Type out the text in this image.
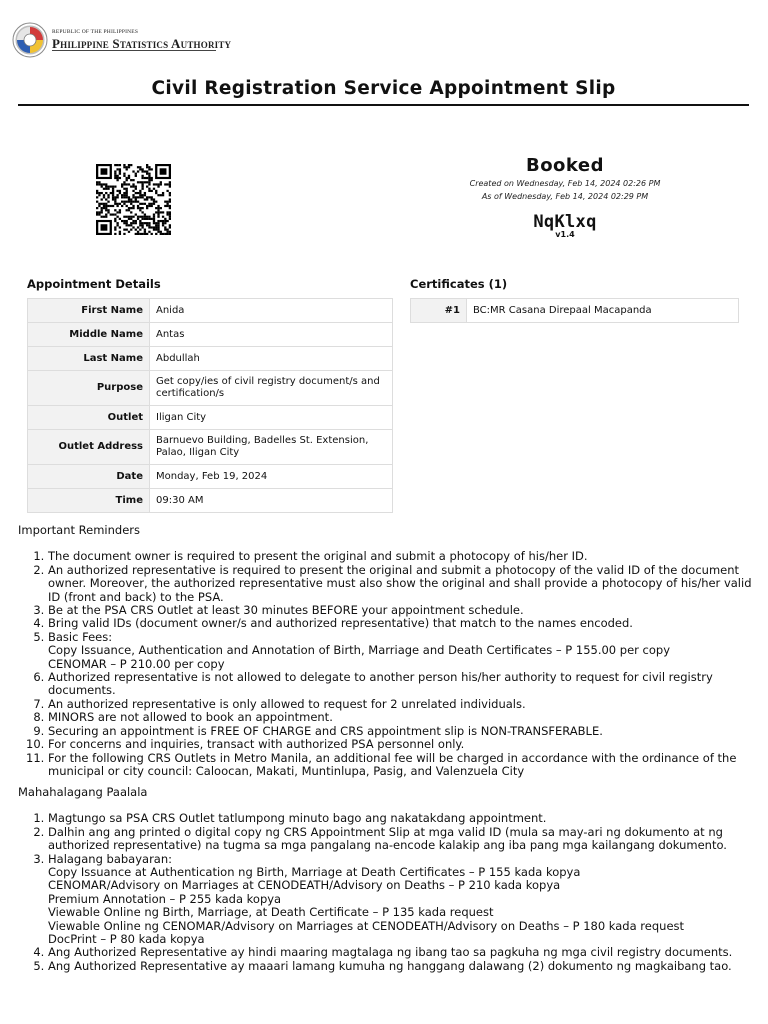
REPUBLIC OF THE PHILIPPINES
Philippine Statistics Authority
Civil Registration Service Appointment Slip
Booked
Created on Wednesday, Feb 14, 2024 02:26 PM
As of Wednesday, Feb 14, 2024 02:29 PM
NqKlxq
v1.4
Appointment Details
First Name	Anida
Middle Name	Antas
Last Name	Abdullah
Purpose	Get copy/ies of civil registry document/s and certification/s
Outlet	Iligan City
Outlet Address	Barnuevo Building, Badelles St. Extension, Palao, Iligan City
Date	Monday, Feb 19, 2024
Time	09:30 AM
Certificates (1)
#1	BC:MR Casana Direpaal Macapanda
Important Reminders
1. The document owner is required to present the original and submit a photocopy of his/her ID.
2. An authorized representative is required to present the original and submit a photocopy of the valid ID of the document owner. Moreover, the authorized representative must also show the original and shall provide a photocopy of his/her valid ID (front and back) to the PSA.
3. Be at the PSA CRS Outlet at least 30 minutes BEFORE your appointment schedule.
4. Bring valid IDs (document owner/s and authorized representative) that match to the names encoded.
5. Basic Fees:
Copy Issuance, Authentication and Annotation of Birth, Marriage and Death Certificates – P 155.00 per copy
CENOMAR – P 210.00 per copy
6. Authorized representative is not allowed to delegate to another person his/her authority to request for civil registry documents.
7. An authorized representative is only allowed to request for 2 unrelated individuals.
8. MINORS are not allowed to book an appointment.
9. Securing an appointment is FREE OF CHARGE and CRS appointment slip is NON-TRANSFERABLE.
10. For concerns and inquiries, transact with authorized PSA personnel only.
11. For the following CRS Outlets in Metro Manila, an additional fee will be charged in accordance with the ordinance of the municipal or city council: Caloocan, Makati, Muntinlupa, Pasig, and Valenzuela City
Mahahalagang Paalala
1. Magtungo sa PSA CRS Outlet tatlumpong minuto bago ang nakatakdang appointment.
2. Dalhin ang ang printed o digital copy ng CRS Appointment Slip at mga valid ID (mula sa may-ari ng dokumento at ng authorized representative) na tugma sa mga pangalang na-encode kalakip ang iba pang mga kailangang dokumento.
3. Halagang babayaran:
Copy Issuance at Authentication ng Birth, Marriage at Death Certificates – P 155 kada kopya
CENOMAR/Advisory on Marriages at CENODEATH/Advisory on Deaths – P 210 kada kopya
Premium Annotation – P 255 kada kopya
Viewable Online ng Birth, Marriage, at Death Certificate – P 135 kada request
Viewable Online ng CENOMAR/Advisory on Marriages at CENODEATH/Advisory on Deaths – P 180 kada request
DocPrint – P 80 kada kopya
4. Ang Authorized Representative ay hindi maaring magtalaga ng ibang tao sa pagkuha ng mga civil registry documents.
5. Ang Authorized Representative ay maaari lamang kumuha ng hanggang dalawang (2) dokumento ng magkaibang tao.
